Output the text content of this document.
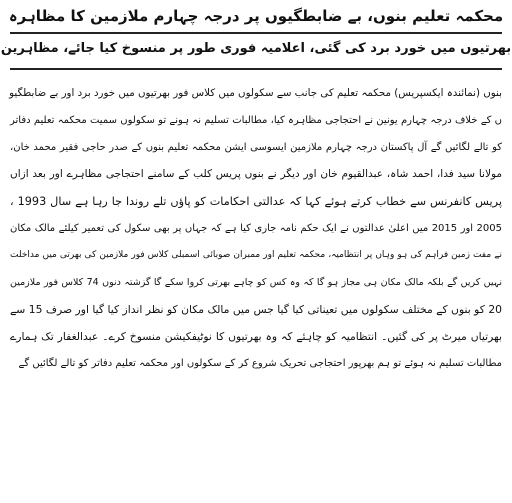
محکمہ تعلیم بنوں، بے ضابطگیوں پر درجہ چہارم ملازمین کا مظاہرہ
بھرتیوں میں خورد برد کی گئی، اعلامیہ فوری طور پر منسوخ کیا جائے، مظاہرین
بنوں (نمائندہ ایکسپریس) محکمہ تعلیم کی جانب سے سکولوں میں کلاس فور بھرتیوں میں خورد برد اور بے ضابطگیو
ں کے خلاف درجہ چہارم یونین نے احتجاجی مظاہرہ کیا، مطالبات تسلیم نہ ہونے تو سکولوں سمیت محکمہ تعلیم دفاتر
کو تالے لگائیں گے آل پاکستان درجہ چہارم ملازمین ایسوسی ایشن محکمہ تعلیم بنوں کے صدر حاجی فقیر محمد خان،
مولانا سید فدا، احمد شاہ، عبدالقیوم خان اور دیگر نے بنوں پریس کلب کے سامنے احتجاجی مظاہرے اور بعد ازاں
پریس کانفرنس سے خطاب کرتے ہوئے کہا کہ عدالتی احکامات کو پاؤں تلے روندا جا رہا ہے سال 1993 ،
2005 اور 2015 میں اعلیٰ عدالتوں نے ایک حکم نامہ جاری کیا ہے کہ جہاں پر بھی سکول کی تعمیر کیلئے مالک مکان
نے مفت زمین فراہم کی ہو وہاں پر انتظامیہ، محکمہ تعلیم اور ممبران صوبائی اسمبلی کلاس فور ملازمین کی بھرتی میں مداخلت
نہیں کریں گے بلکہ مالک مکان ہی مجاز ہو گا کہ وہ کس کو چاہے بھرتی کروا سکے گا گزشتہ دنوں 74 کلاس فور ملازمین
20 کو بنوں کے مختلف سکولوں میں تعیناتی کیا گیا جس میں مالک مکان کو نظر انداز کیا گیا اور صرف 15 سے
بھرتیاں میرٹ پر کی گئیں۔ انتظامیہ کو چاہئے کہ وہ بھرتیوں کا نوٹیفکیشن منسوخ کرے۔ عبدالغفار تک ہمارے
مطالبات تسلیم نہ ہوئے تو ہم بھرپور احتجاجی تحریک شروع کر کے سکولوں اور محکمہ تعلیم دفاتر کو تالے لگائیں گے
